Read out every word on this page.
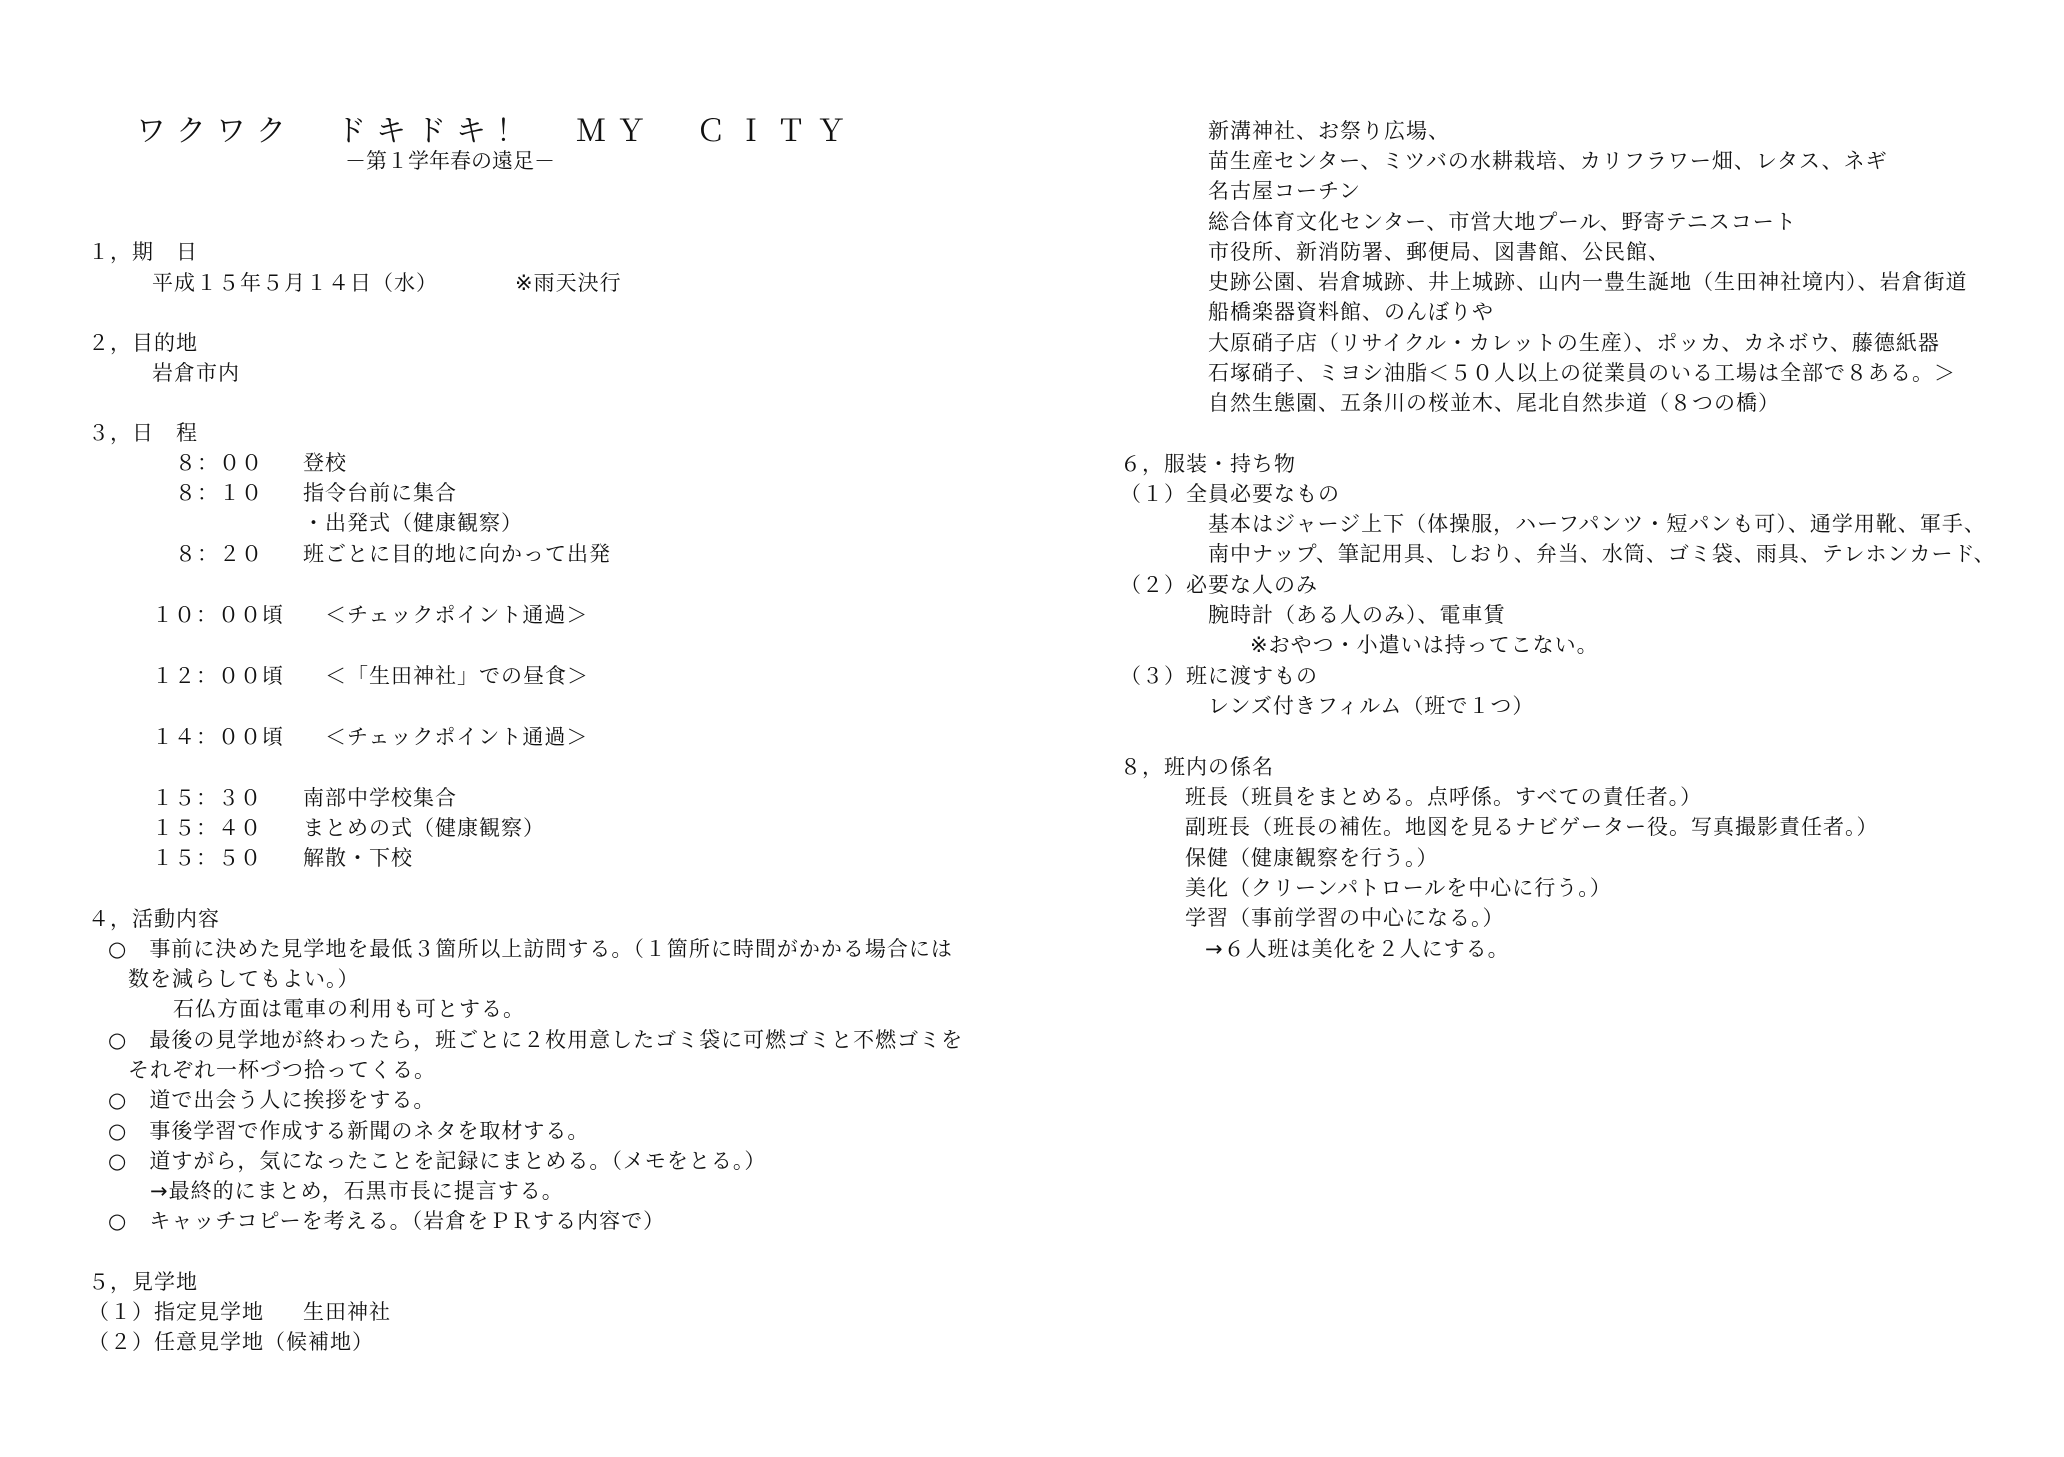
ワクワク　ドキドキ！　ＭＹ　ＣＩＴＹ
－第１学年春の遠足－
１，期　日
平成１５年５月１４日（水）	※雨天決行
２，目的地
岩倉市内
３，日　程
８：００ 登校
８：１０ 指令台前に集合
・出発式（健康観察）
８：２０ 班ごとに目的地に向かって出発
１０：００頃 ＜チェックポイント通過＞
１２：００頃 ＜「生田神社」での昼食＞
１４：００頃 ＜チェックポイント通過＞
１５：３０ 南部中学校集合
１５：４０ まとめの式（健康観察）
１５：５０ 解散・下校
４，活動内容
○　事前に決めた見学地を最低３箇所以上訪問する。（１箇所に時間がかかる場合には
数を減らしてもよい。）
石仏方面は電車の利用も可とする。
○　最後の見学地が終わったら，班ごとに２枚用意したゴミ袋に可燃ゴミと不燃ゴミを
それぞれ一杯づつ拾ってくる。
○　道で出会う人に挨拶をする。
○　事後学習で作成する新聞のネタを取材する。
○　道すがら，気になったことを記録にまとめる。（メモをとる。）
→最終的にまとめ，石黒市長に提言する。
○　キャッチコピーを考える。（岩倉をＰＲする内容で）
５，見学地
（１）指定見学地 生田神社
（２）任意見学地（候補地）
新溝神社、お祭り広場、
苗生産センター、ミツバの水耕栽培、カリフラワー畑、レタス、ネギ
名古屋コーチン
総合体育文化センター、市営大地プール、野寄テニスコート
市役所、新消防署、郵便局、図書館、公民館、
史跡公園、岩倉城跡、井上城跡、山内一豊生誕地（生田神社境内）、岩倉街道
船橋楽器資料館、のんぼりや
大原硝子店（リサイクル・カレットの生産）、ポッカ、カネボウ、藤德紙器
石塚硝子、ミヨシ油脂＜５０人以上の従業員のいる工場は全部で８ある。＞
自然生態園、五条川の桜並木、尾北自然歩道（８つの橋）
６，服装・持ち物
（１）全員必要なもの
基本はジャージ上下（体操服，ハーフパンツ・短パンも可）、通学用靴、軍手、
南中ナップ、筆記用具、しおり、弁当、水筒、ゴミ袋、雨具、テレホンカード、
（２）必要な人のみ
腕時計（ある人のみ）、電車賃
※おやつ・小遣いは持ってこない。
（３）班に渡すもの
レンズ付きフィルム（班で１つ）
８，班内の係名
班長（班員をまとめる。点呼係。すべての責任者。）
副班長（班長の補佐。地図を見るナビゲーター役。写真撮影責任者。）
保健（健康観察を行う。）
美化（クリーンパトロールを中心に行う。）
学習（事前学習の中心になる。）
→６人班は美化を２人にする。
